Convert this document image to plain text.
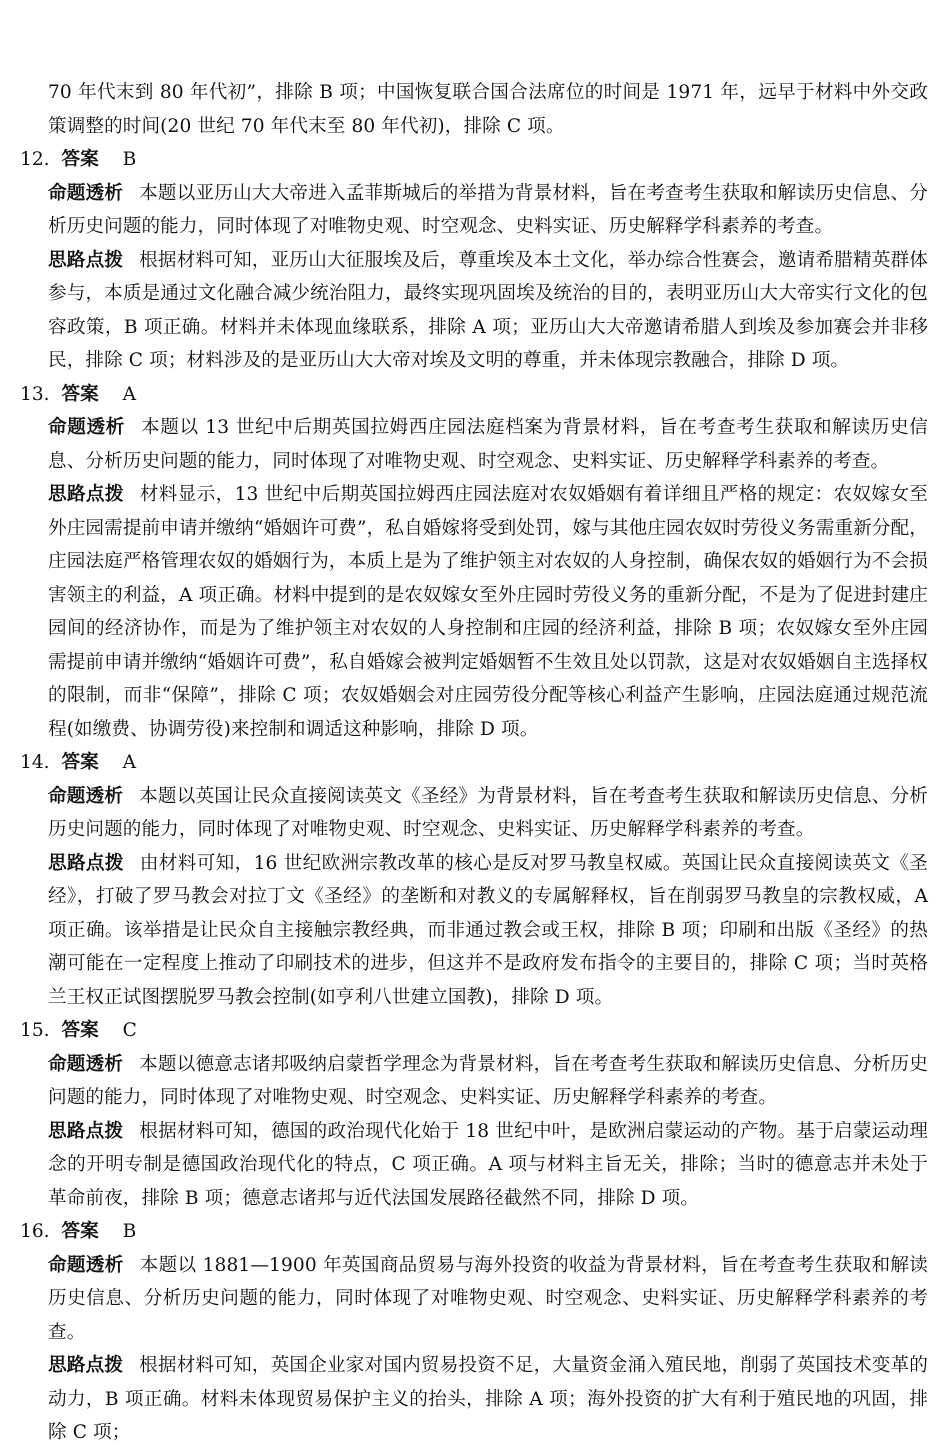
70 年代末到 80 年代初”，排除 B 项；中国恢复联合国合法席位的时间是 1971 年，远早于材料中外交政策调整的时间(20 世纪 70 年代末至 80 年代初)，排除 C 项。

12. 答案 B

命题透析 本题以亚历山大大帝进入孟菲斯城后的举措为背景材料，旨在考查考生获取和解读历史信息、分析历史问题的能力，同时体现了对唯物史观、时空观念、史料实证、历史解释学科素养的考查。

思路点拨 根据材料可知，亚历山大征服埃及后，尊重埃及本土文化，举办综合性赛会，邀请希腊精英群体参与，本质是通过文化融合减少统治阻力，最终实现巩固埃及统治的目的，表明亚历山大大帝实行文化的包容政策，B 项正确。材料并未体现血缘联系，排除 A 项；亚历山大大帝邀请希腊人到埃及参加赛会并非移民，排除 C 项；材料涉及的是亚历山大大帝对埃及文明的尊重，并未体现宗教融合，排除 D 项。

13. 答案 A

命题透析 本题以 13 世纪中后期英国拉姆西庄园法庭档案为背景材料，旨在考查考生获取和解读历史信息、分析历史问题的能力，同时体现了对唯物史观、时空观念、史料实证、历史解释学科素养的考查。

思路点拨 材料显示，13 世纪中后期英国拉姆西庄园法庭对农奴婚姻有着详细且严格的规定：农奴嫁女至外庄园需提前申请并缴纳“婚姻许可费”，私自婚嫁将受到处罚，嫁与其他庄园农奴时劳役义务需重新分配，庄园法庭严格管理农奴的婚姻行为，本质上是为了维护领主对农奴的人身控制，确保农奴的婚姻行为不会损害领主的利益，A 项正确。材料中提到的是农奴嫁女至外庄园时劳役义务的重新分配，不是为了促进封建庄园间的经济协作，而是为了维护领主对农奴的人身控制和庄园的经济利益，排除 B 项；农奴嫁女至外庄园需提前申请并缴纳“婚姻许可费”，私自婚嫁会被判定婚姻暂不生效且处以罚款，这是对农奴婚姻自主选择权的限制，而非“保障”，排除 C 项；农奴婚姻会对庄园劳役分配等核心利益产生影响，庄园法庭通过规范流程(如缴费、协调劳役)来控制和调适这种影响，排除 D 项。

14. 答案 A

命题透析 本题以英国让民众直接阅读英文《圣经》为背景材料，旨在考查考生获取和解读历史信息、分析历史问题的能力，同时体现了对唯物史观、时空观念、史料实证、历史解释学科素养的考查。

思路点拨 由材料可知，16 世纪欧洲宗教改革的核心是反对罗马教皇权威。英国让民众直接阅读英文《圣经》，打破了罗马教会对拉丁文《圣经》的垄断和对教义的专属解释权，旨在削弱罗马教皇的宗教权威，A 项正确。该举措是让民众自主接触宗教经典，而非通过教会或王权，排除 B 项；印刷和出版《圣经》的热潮可能在一定程度上推动了印刷技术的进步，但这并不是政府发布指令的主要目的，排除 C 项；当时英格兰王权正试图摆脱罗马教会控制(如亨利八世建立国教)，排除 D 项。

15. 答案 C

命题透析 本题以德意志诸邦吸纳启蒙哲学理念为背景材料，旨在考查考生获取和解读历史信息、分析历史问题的能力，同时体现了对唯物史观、时空观念、史料实证、历史解释学科素养的考查。

思路点拨 根据材料可知，德国的政治现代化始于 18 世纪中叶，是欧洲启蒙运动的产物。基于启蒙运动理念的开明专制是德国政治现代化的特点，C 项正确。A 项与材料主旨无关，排除；当时的德意志并未处于革命前夜，排除 B 项；德意志诸邦与近代法国发展路径截然不同，排除 D 项。

16. 答案 B

命题透析 本题以 1881—1900 年英国商品贸易与海外投资的收益为背景材料，旨在考查考生获取和解读历史信息、分析历史问题的能力，同时体现了对唯物史观、时空观念、史料实证、历史解释学科素养的考查。

思路点拨 根据材料可知，英国企业家对国内贸易投资不足，大量资金涌入殖民地，削弱了英国技术变革的动力，B 项正确。材料未体现贸易保护主义的抬头，排除 A 项；海外投资的扩大有利于殖民地的巩固，排除 C 项；
